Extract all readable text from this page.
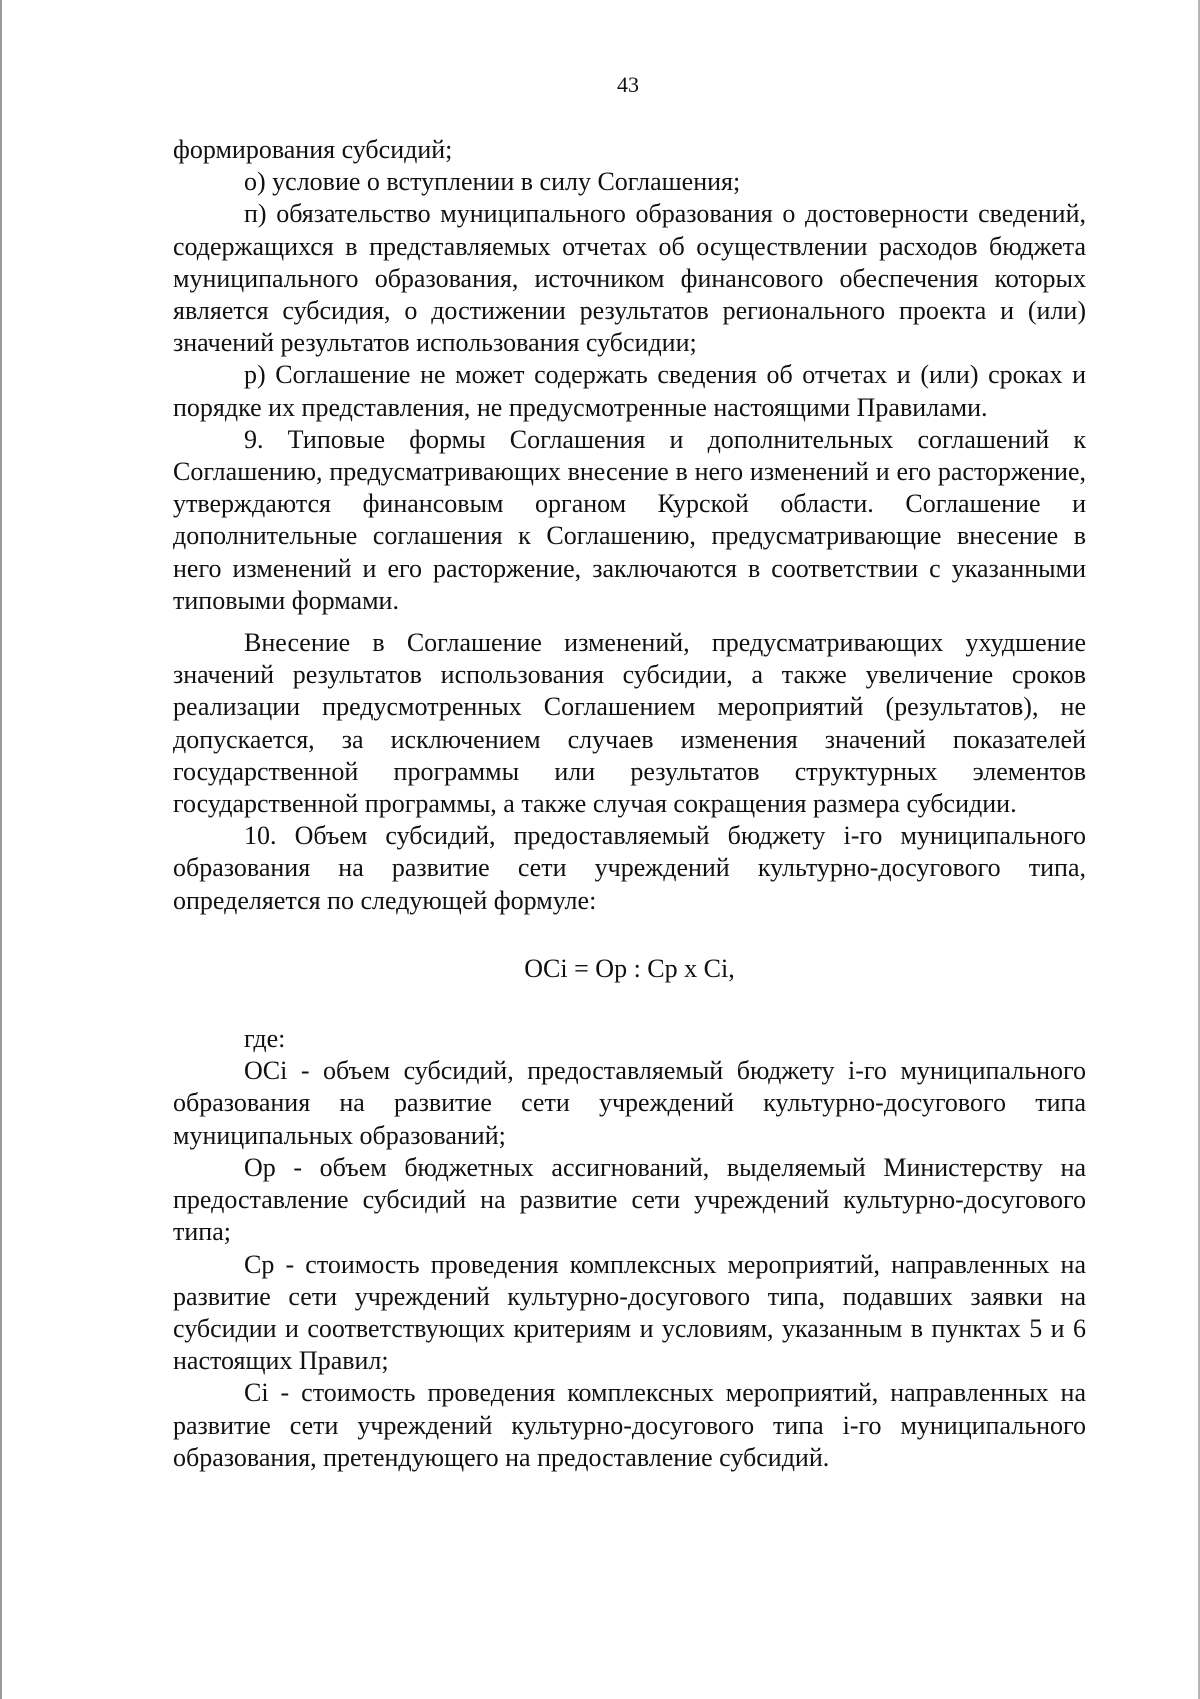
43

формирования субсидий;

о) условие о вступлении в силу Соглашения;

п) обязательство муниципального образования о достоверности сведений, содержащихся в представляемых отчетах об осуществлении расходов бюджета муниципального образования, источником финансового обеспечения которых является субсидия, о достижении результатов регионального проекта и (или) значений результатов использования субсидии;

р) Соглашение не может содержать сведения об отчетах и (или) сроках и порядке их представления, не предусмотренные настоящими Правилами.

9. Типовые формы Соглашения и дополнительных соглашений к Соглашению, предусматривающих внесение в него изменений и его расторжение, утверждаются финансовым органом Курской области. Соглашение и дополнительные соглашения к Соглашению, предусматривающие внесение в него изменений и его расторжение, заключаются в соответствии с указанными типовыми формами.

Внесение в Соглашение изменений, предусматривающих ухудшение значений результатов использования субсидии, а также увеличение сроков реализации предусмотренных Соглашением мероприятий (результатов), не допускается, за исключением случаев изменения значений показателей государственной программы или результатов структурных элементов государственной программы, а также случая сокращения размера субсидии.

10. Объем субсидий, предоставляемый бюджету i-го муниципального образования на развитие сети учреждений культурно-досугового типа, определяется по следующей формуле:

OCi = Op : Cp x Ci,

где:

OCi - объем субсидий, предоставляемый бюджету i-го муниципального образования на развитие сети учреждений культурно-досугового типа муниципальных образований;

Op - объем бюджетных ассигнований, выделяемый Министерству на предоставление субсидий на развитие сети учреждений культурно-досугового типа;

Cp - стоимость проведения комплексных мероприятий, направленных на развитие сети учреждений культурно-досугового типа, подавших заявки на субсидии и соответствующих критериям и условиям, указанным в пунктах 5 и 6 настоящих Правил;

Ci - стоимость проведения комплексных мероприятий, направленных на развитие сети учреждений культурно-досугового типа i-го муниципального образования, претендующего на предоставление субсидий.
